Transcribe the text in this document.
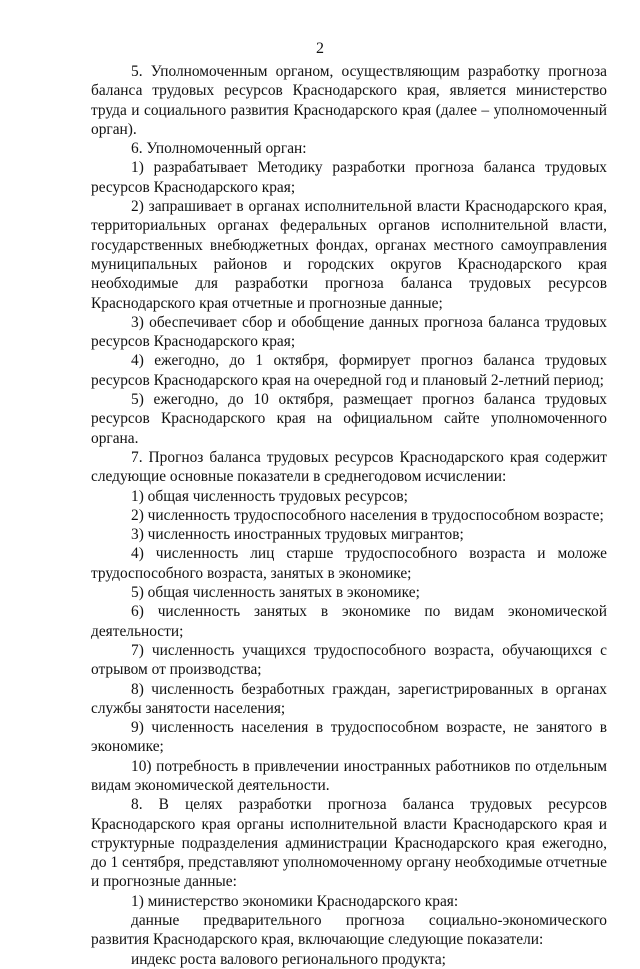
2

5. Уполномоченным органом, осуществляющим разработку прогноза баланса трудовых ресурсов Краснодарского края, является министерство труда и социального развития Краснодарского края (далее – уполномоченный орган).

6. Уполномоченный орган:

1) разрабатывает Методику разработки прогноза баланса трудовых ресурсов Краснодарского края;

2) запрашивает в органах исполнительной власти Краснодарского края, территориальных органах федеральных органов исполнительной власти, государственных внебюджетных фондах, органах местного самоуправления муниципальных районов и городских округов Краснодарского края необходимые для разработки прогноза баланса трудовых ресурсов Краснодарского края отчетные и прогнозные данные;

3) обеспечивает сбор и обобщение данных прогноза баланса трудовых ресурсов Краснодарского края;

4) ежегодно, до 1 октября, формирует прогноз баланса трудовых ресурсов Краснодарского края на очередной год и плановый 2-летний период;

5) ежегодно, до 10 октября, размещает прогноз баланса трудовых ресурсов Краснодарского края на официальном сайте уполномоченного органа.

7. Прогноз баланса трудовых ресурсов Краснодарского края содержит следующие основные показатели в среднегодовом исчислении:

1) общая численность трудовых ресурсов;

2) численность трудоспособного населения в трудоспособном возрасте;

3) численность иностранных трудовых мигрантов;

4) численность лиц старше трудоспособного возраста и моложе трудоспособного возраста, занятых в экономике;

5) общая численность занятых в экономике;

6) численность занятых в экономике по видам экономической деятельности;

7) численность учащихся трудоспособного возраста, обучающихся с отрывом от производства;

8) численность безработных граждан, зарегистрированных в органах службы занятости населения;

9) численность населения в трудоспособном возрасте, не занятого в экономике;

10) потребность в привлечении иностранных работников по отдельным видам экономической деятельности.

8. В целях разработки прогноза баланса трудовых ресурсов Краснодарского края органы исполнительной власти Краснодарского края и структурные подразделения администрации Краснодарского края ежегодно, до 1 сентября, представляют уполномоченному органу необходимые отчетные и прогнозные данные:

1) министерство экономики Краснодарского края:

данные предварительного прогноза социально-экономического развития Краснодарского края, включающие следующие показатели:

индекс роста валового регионального продукта;
